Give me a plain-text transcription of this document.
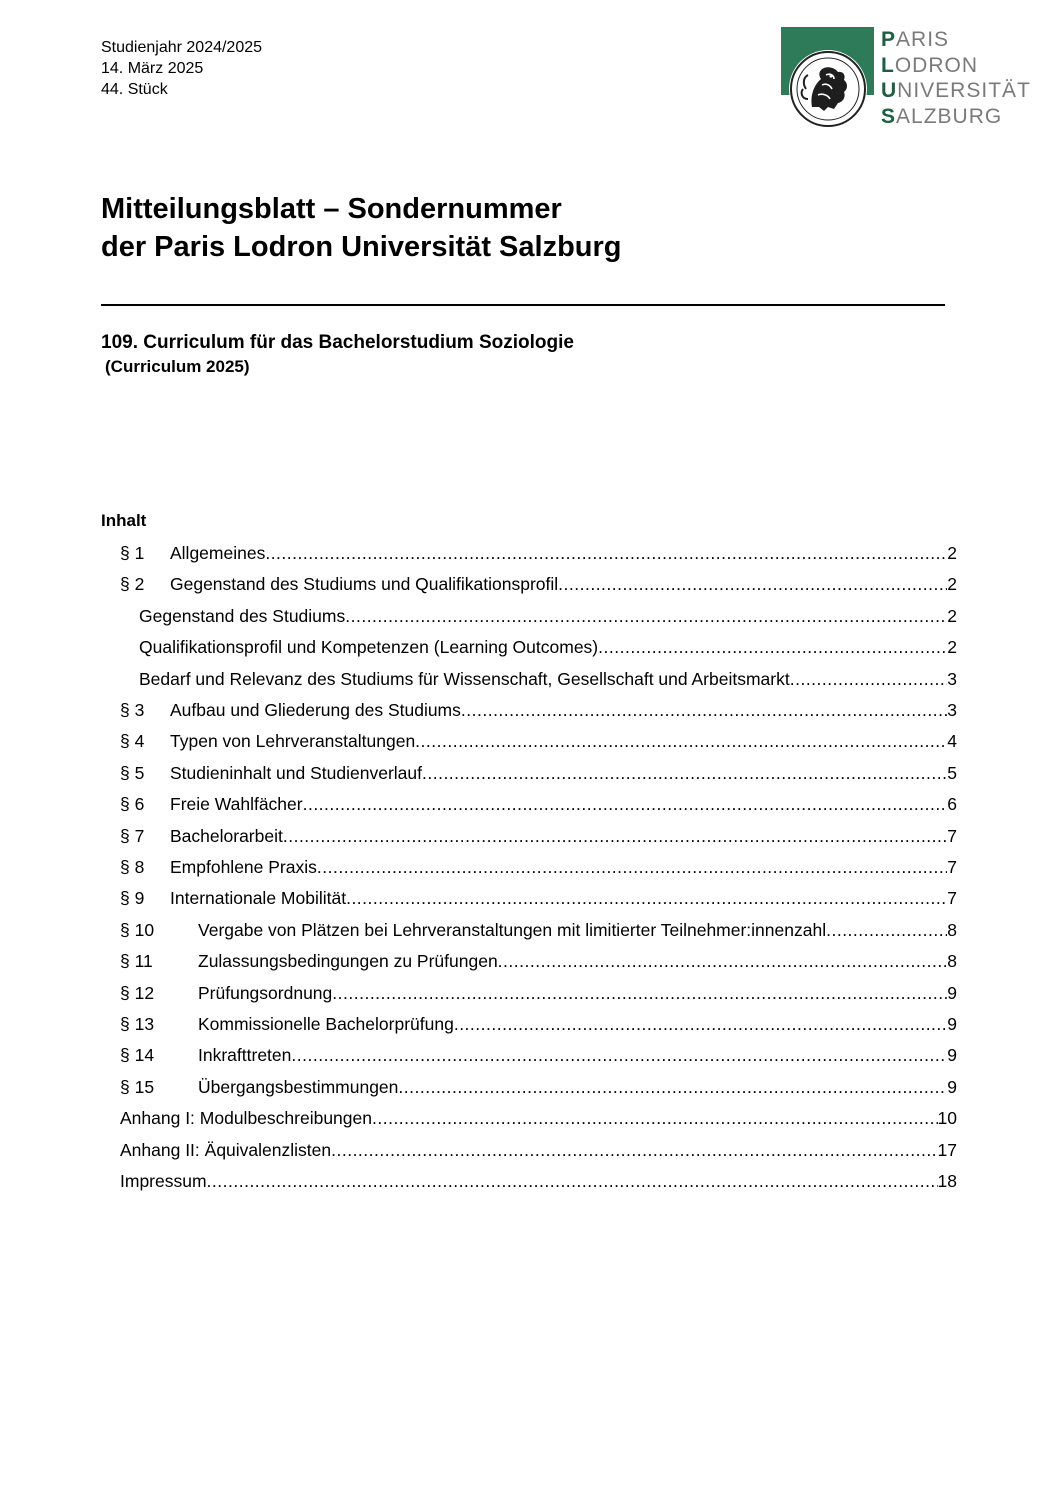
Studienjahr 2024/2025
14. März 2025
44. Stück
PARIS
LODRON
UNIVERSITÄT
SALZBURG
Mitteilungsblatt – Sondernummer
der Paris Lodron Universität Salzburg
109. Curriculum für das Bachelorstudium Soziologie
(Curriculum 2025)
Inhalt
§ 1	Allgemeines .....	2
§ 2	Gegenstand des Studiums und Qualifikationsprofil .....	2
Gegenstand des Studiums .....	2
Qualifikationsprofil und Kompetenzen (Learning Outcomes) .....	2
Bedarf und Relevanz des Studiums für Wissenschaft, Gesellschaft und Arbeitsmarkt .....	3
§ 3	Aufbau und Gliederung des Studiums .....	3
§ 4	Typen von Lehrveranstaltungen .....	4
§ 5	Studieninhalt und Studienverlauf .....	5
§ 6	Freie Wahlfächer .....	6
§ 7	Bachelorarbeit .....	7
§ 8	Empfohlene Praxis .....	7
§ 9	Internationale Mobilität .....	7
§ 10	Vergabe von Plätzen bei Lehrveranstaltungen mit limitierter Teilnehmer:innenzahl .....	8
§ 11	Zulassungsbedingungen zu Prüfungen .....	8
§ 12	Prüfungsordnung .....	9
§ 13	Kommissionelle Bachelorprüfung .....	9
§ 14	Inkrafttreten .....	9
§ 15	Übergangsbestimmungen .....	9
Anhang I: Modulbeschreibungen .....	10
Anhang II: Äquivalenzlisten .....	17
Impressum .....	18
